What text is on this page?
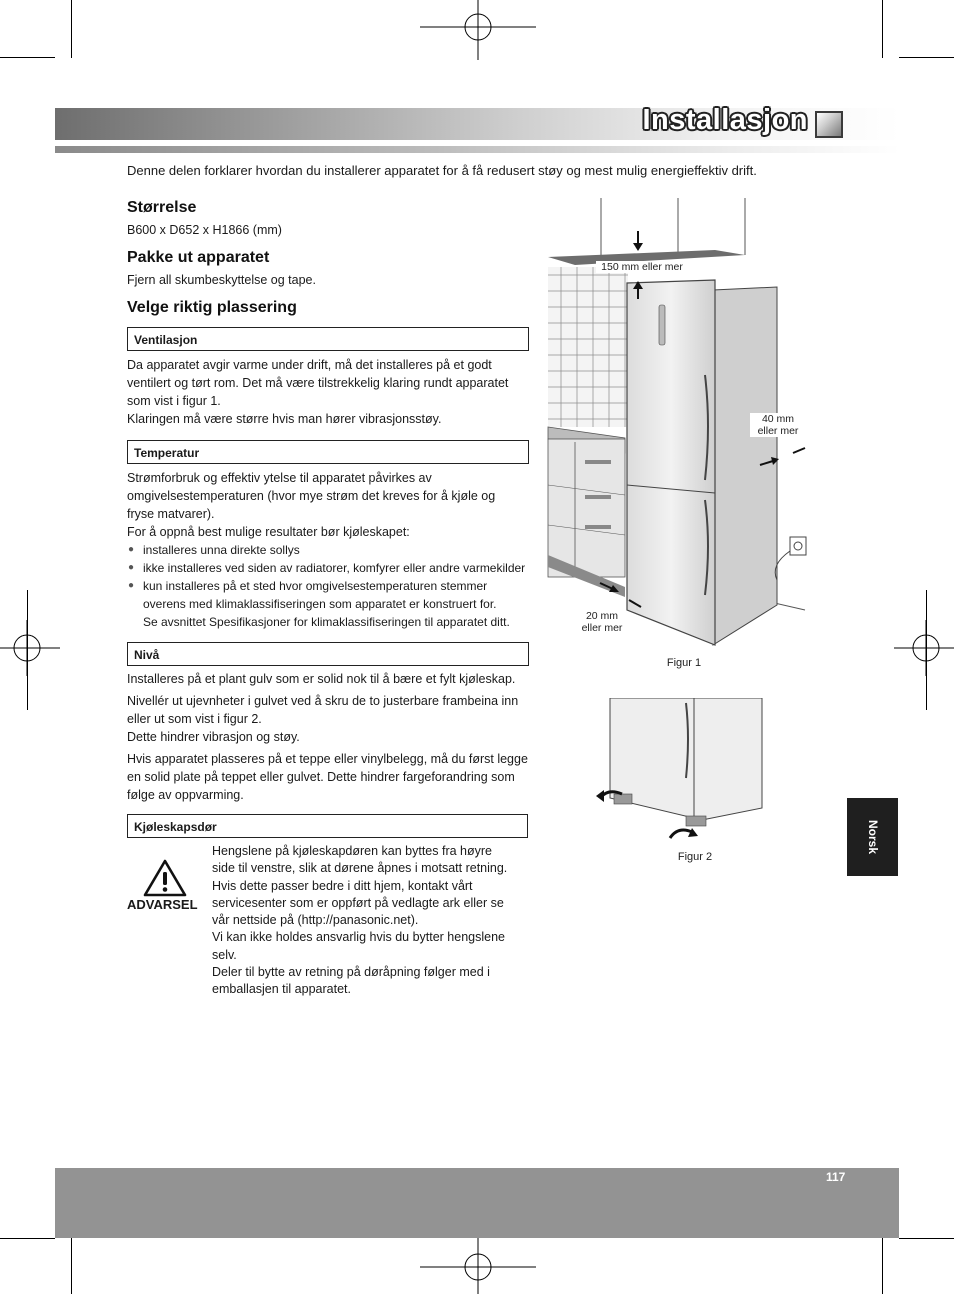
Installasjon
Denne delen forklarer hvordan du installerer apparatet for å få redusert støy og mest mulig energieffektiv drift.
Størrelse
B600 x D652 x H1866 (mm)
Pakke ut apparatet
Fjern all skumbeskyttelse og tape.
Velge riktig plassering
Ventilasjon
Da apparatet avgir varme under drift, må det installeres på et godt
ventilert og tørt rom. Det må være tilstrekkelig klaring rundt apparatet
som vist i figur 1.
Klaringen må være større hvis man hører vibrasjonsstøy.
Temperatur
Strømforbruk og effektiv ytelse til apparatet påvirkes av
omgivelsestemperaturen (hvor mye strøm det kreves for å kjøle og
fryse matvarer).
For å oppnå best mulige resultater bør kjøleskapet:
● installeres unna direkte sollys
● ikke installeres ved siden av radiatorer, komfyrer eller andre varmekilder
● kun installeres på et sted hvor omgivelsestemperaturen stemmer
overens med klimaklassifiseringen som apparatet er konstruert for.
Se avsnittet Spesifikasjoner for klimaklassifiseringen til apparatet ditt.
Nivå
Installeres på et plant gulv som er solid nok til å bære et fylt kjøleskap.
Nivellér ut ujevnheter i gulvet ved å skru de to justerbare frambeina inn
eller ut som vist i figur 2.
Dette hindrer vibrasjon og støy.
Hvis apparatet plasseres på et teppe eller vinylbelegg, må du først legge
en solid plate på teppet eller gulvet. Dette hindrer fargeforandring som
følge av oppvarming.
Kjøleskapsdør
ADVARSEL
Hengslene på kjøleskapdøren kan byttes fra høyre
side til venstre, slik at dørene åpnes i motsatt retning.
Hvis dette passer bedre i ditt hjem, kontakt vårt
servicesenter som er oppført på vedlagte ark eller se
vår nettside på (http://panasonic.net).
Vi kan ikke holdes ansvarlig hvis du bytter hengslene
selv.
Deler til bytte av retning på døråpning følger med i
emballasjen til apparatet.
150 mm eller mer
40 mm
eller mer
20 mm
eller mer
Figur 1
Figur 2
Norsk
117
